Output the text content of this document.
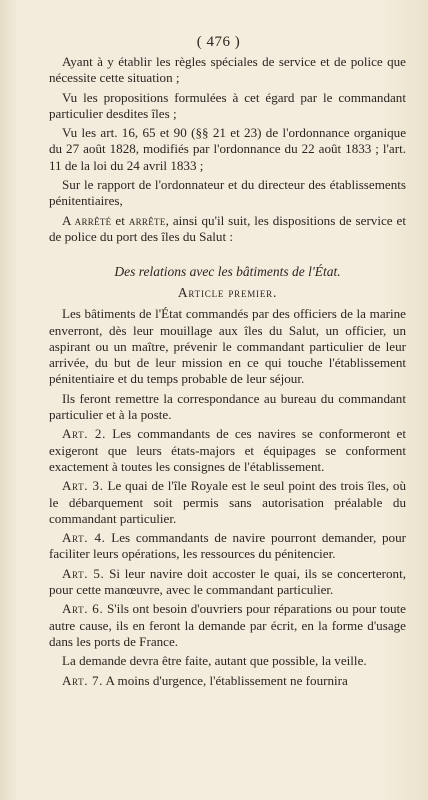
( 476 )

Ayant à y établir les règles spéciales de service et de police que nécessite cette situation ;

Vu les propositions formulées à cet égard par le commandant particulier desdites îles ;

Vu les art. 16, 65 et 90 (§§ 21 et 23) de l'ordonnance organique du 27 août 1828, modifiés par l'ordonnance du 22 août 1833 ; l'art. 11 de la loi du 24 avril 1833 ;

Sur le rapport de l'ordonnateur et du directeur des établissements pénitentiaires,

A arrêté et arrête, ainsi qu'il suit, les dispositions de service et de police du port des îles du Salut :

Des relations avec les bâtiments de l'État.
Article premier.

Les bâtiments de l'État commandés par des officiers de la marine enverront, dès leur mouillage aux îles du Salut, un officier, un aspirant ou un maître, prévenir le commandant particulier de leur arrivée, du but de leur mission en ce qui touche l'établissement pénitentiaire et du temps probable de leur séjour.

Ils feront remettre la correspondance au bureau du commandant particulier et à la poste.

Art. 2. Les commandants de ces navires se conformeront et exigeront que leurs états-majors et équipages se conforment exactement à toutes les consignes de l'établissement.

Art. 3. Le quai de l'île Royale est le seul point des trois îles, où le débarquement soit permis sans autorisation préalable du commandant particulier.

Art. 4. Les commandants de navire pourront demander, pour faciliter leurs opérations, les ressources du pénitencier.

Art. 5. Si leur navire doit accoster le quai, ils se concerteront, pour cette manœuvre, avec le commandant particulier.

Art. 6. S'ils ont besoin d'ouvriers pour réparations ou pour toute autre cause, ils en feront la demande par écrit, en la forme d'usage dans les ports de France.

La demande devra être faite, autant que possible, la veille.

Art. 7. A moins d'urgence, l'établissement ne fournira
